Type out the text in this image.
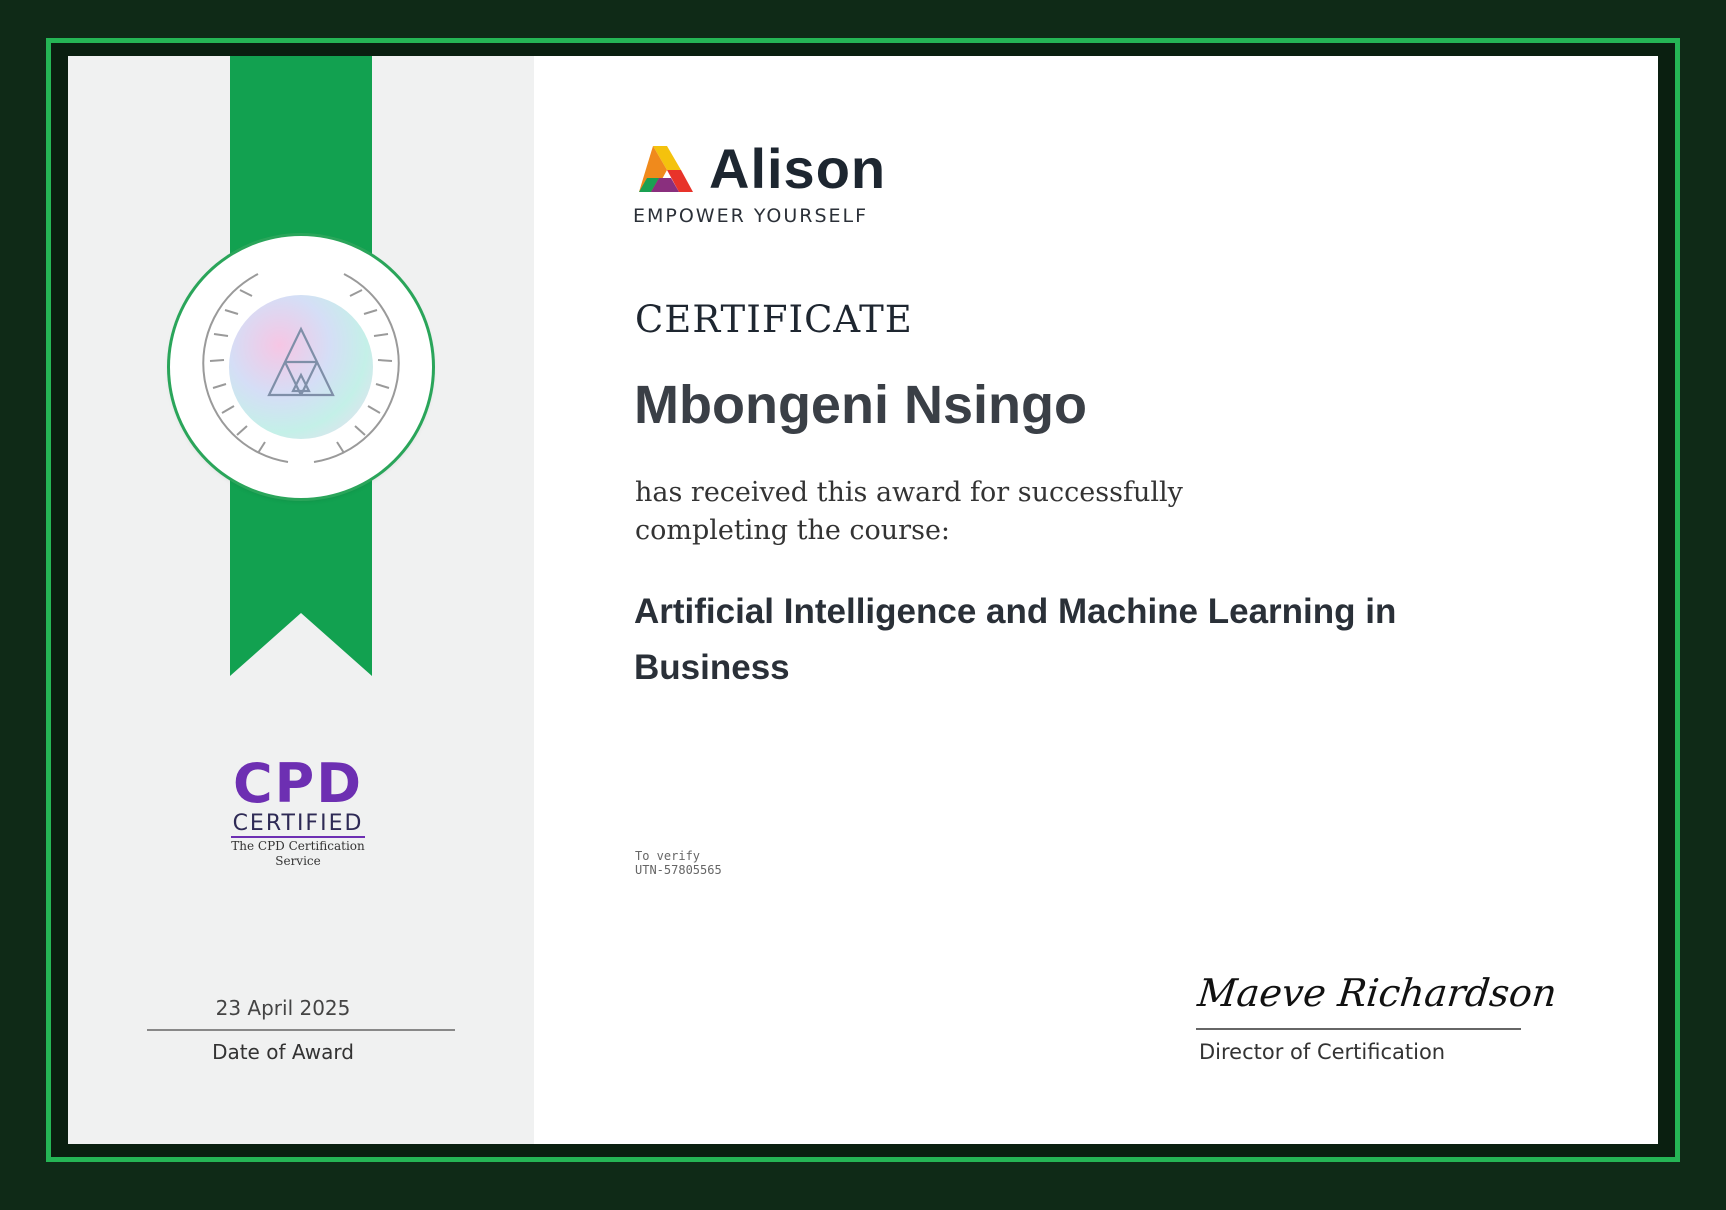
CPD
CERTIFIED
The CPD Certification
Service
23 April 2025
Date of Award
Alison
EMPOWER YOURSELF
CERTIFICATE
Mbongeni Nsingo
has received this award for successfully
completing the course:
Artificial Intelligence and Machine Learning in
Business
To verify
UTN-57805565
Maeve Richardson
Director of Certification
